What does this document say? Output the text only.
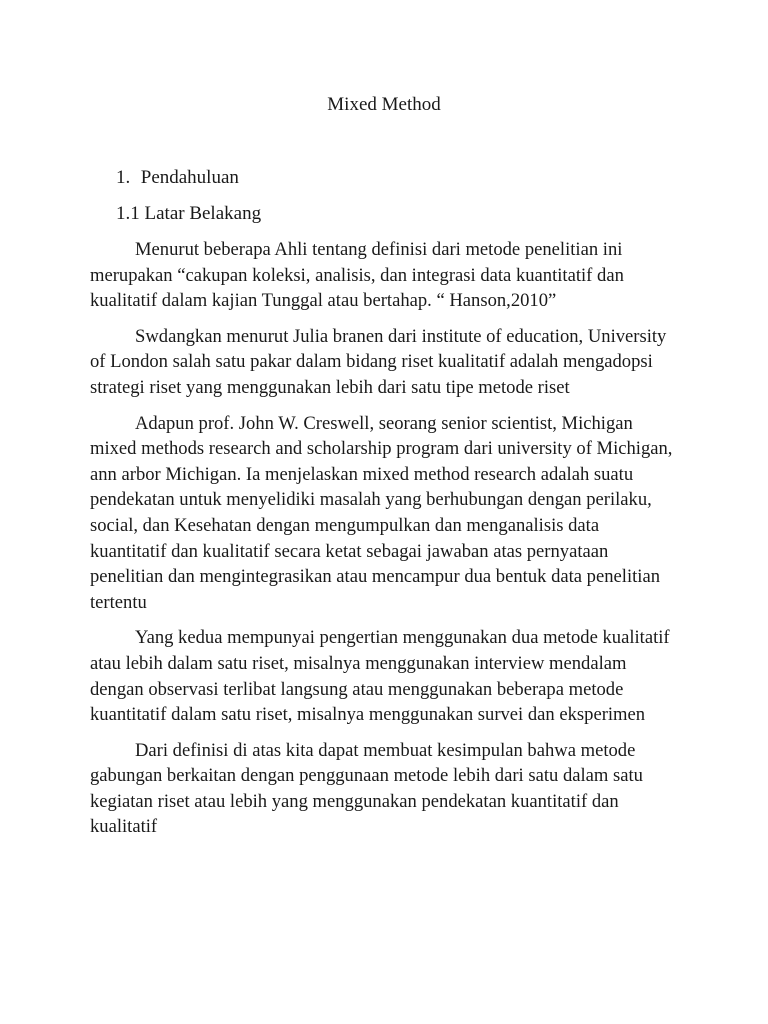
Mixed Method
1. Pendahuluan
1.1 Latar Belakang

Menurut beberapa Ahli tentang definisi dari metode penelitian ini merupakan “cakupan koleksi, analisis, dan integrasi data kuantitatif dan kualitatif dalam kajian Tunggal atau bertahap. “ Hanson,2010”

Swdangkan menurut Julia branen dari institute of education, University of London salah satu pakar dalam bidang riset kualitatif adalah mengadopsi strategi riset yang menggunakan lebih dari satu tipe metode riset

Adapun prof. John W. Creswell, seorang senior scientist, Michigan mixed methods research and scholarship program dari university of Michigan, ann arbor Michigan. Ia menjelaskan mixed method research adalah suatu pendekatan untuk menyelidiki masalah yang berhubungan dengan perilaku, social, dan Kesehatan dengan mengumpulkan dan menganalisis data kuantitatif dan kualitatif secara ketat sebagai jawaban atas pernyataan penelitian dan mengintegrasikan atau mencampur dua bentuk data penelitian tertentu

Yang kedua mempunyai pengertian menggunakan dua metode kualitatif atau lebih dalam satu riset, misalnya menggunakan interview mendalam dengan observasi terlibat langsung atau menggunakan beberapa metode kuantitatif dalam satu riset, misalnya menggunakan survei dan eksperimen

Dari definisi di atas kita dapat membuat kesimpulan bahwa metode gabungan berkaitan dengan penggunaan metode lebih dari satu dalam satu kegiatan riset atau lebih yang menggunakan pendekatan kuantitatif dan kualitatif
